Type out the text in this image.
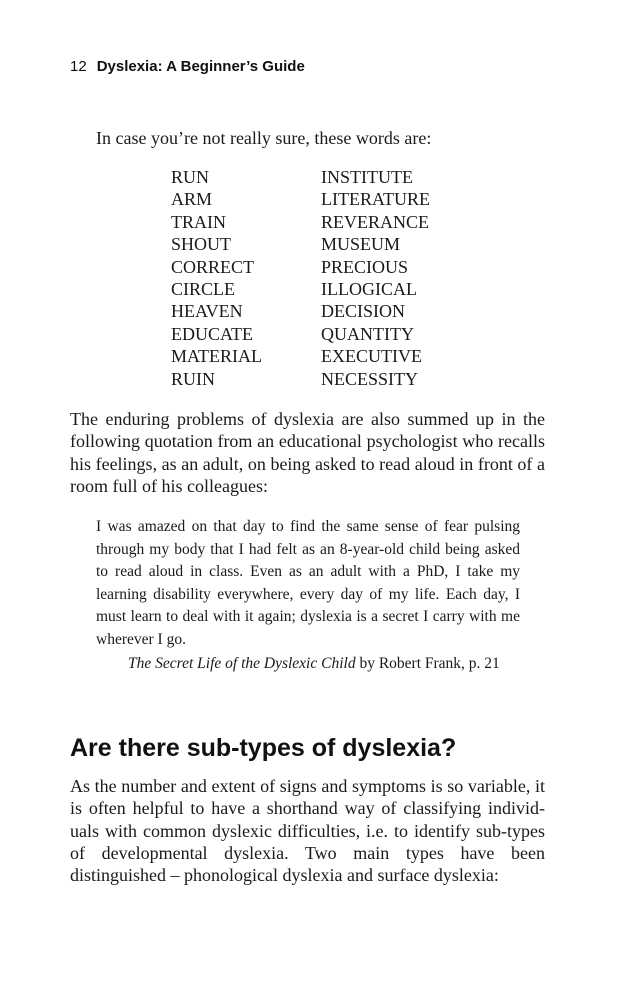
12 Dyslexia: A Beginner’s Guide

In case you’re not really sure, these words are:

RUN	INSTITUTE
ARM	LITERATURE
TRAIN	REVERANCE
SHOUT	MUSEUM
CORRECT	PRECIOUS
CIRCLE	ILLOGICAL
HEAVEN	DECISION
EDUCATE	QUANTITY
MATERIAL	EXECUTIVE
RUIN	NECESSITY

The enduring problems of dyslexia are also summed up in the following quotation from an educational psychologist who recalls his feelings, as an adult, on being asked to read aloud in front of a room full of his colleagues:

I was amazed on that day to find the same sense of fear pulsing through my body that I had felt as an 8-year-old child being asked to read aloud in class. Even as an adult with a PhD, I take my learning disability everywhere, every day of my life. Each day, I must learn to deal with it again; dyslexia is a secret I carry with me wherever I go.

The Secret Life of the Dyslexic Child by Robert Frank, p. 21
Are there sub-types of dyslexia?

As the number and extent of signs and symptoms is so variable, it is often helpful to have a shorthand way of classifying individ-uals with common dyslexic difficulties, i.e. to identify sub-types of developmental dyslexia. Two main types have been distinguished – phonological dyslexia and surface dyslexia:
